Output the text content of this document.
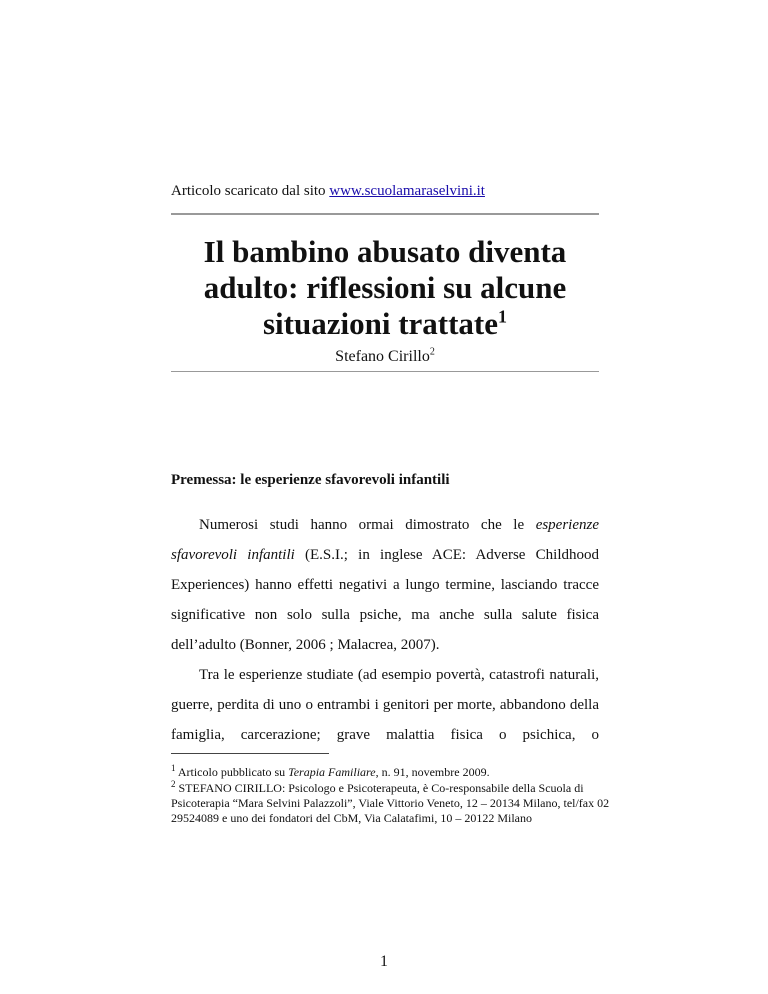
Articolo scaricato dal sito www.scuolamaraselvini.it
Il bambino abusato diventa adulto: riflessioni su alcune situazioni trattate$^1$
Stefano Cirillo$^2$
Premessa: le esperienze sfavorevoli infantili

Numerosi studi hanno ormai dimostrato che le esperienze sfavorevoli infantili (E.S.I.; in inglese ACE: Adverse Childhood Experiences) hanno effetti negativi a lungo termine, lasciando tracce significative non solo sulla psiche, ma anche sulla salute fisica dell’adulto (Bonner, 2006 ; Malacrea, 2007).

Tra le esperienze studiate (ad esempio povertà, catastrofi naturali, guerre, perdita di uno o entrambi i genitori per morte, abbandono della famiglia, carcerazione; grave malattia fisica o psichica, o

$^1$ Articolo pubblicato su Terapia Familiare, n. 91, novembre 2009.

$^2$ STEFANO CIRILLO: Psicologo e Psicoterapeuta, è Co-responsabile della Scuola di Psicoterapia “Mara Selvini Palazzoli”, Viale Vittorio Veneto, 12 – 20134 Milano, tel/fax 02 29524089 e uno dei fondatori del CbM, Via Calatafimi, 10 – 20122 Milano

1
